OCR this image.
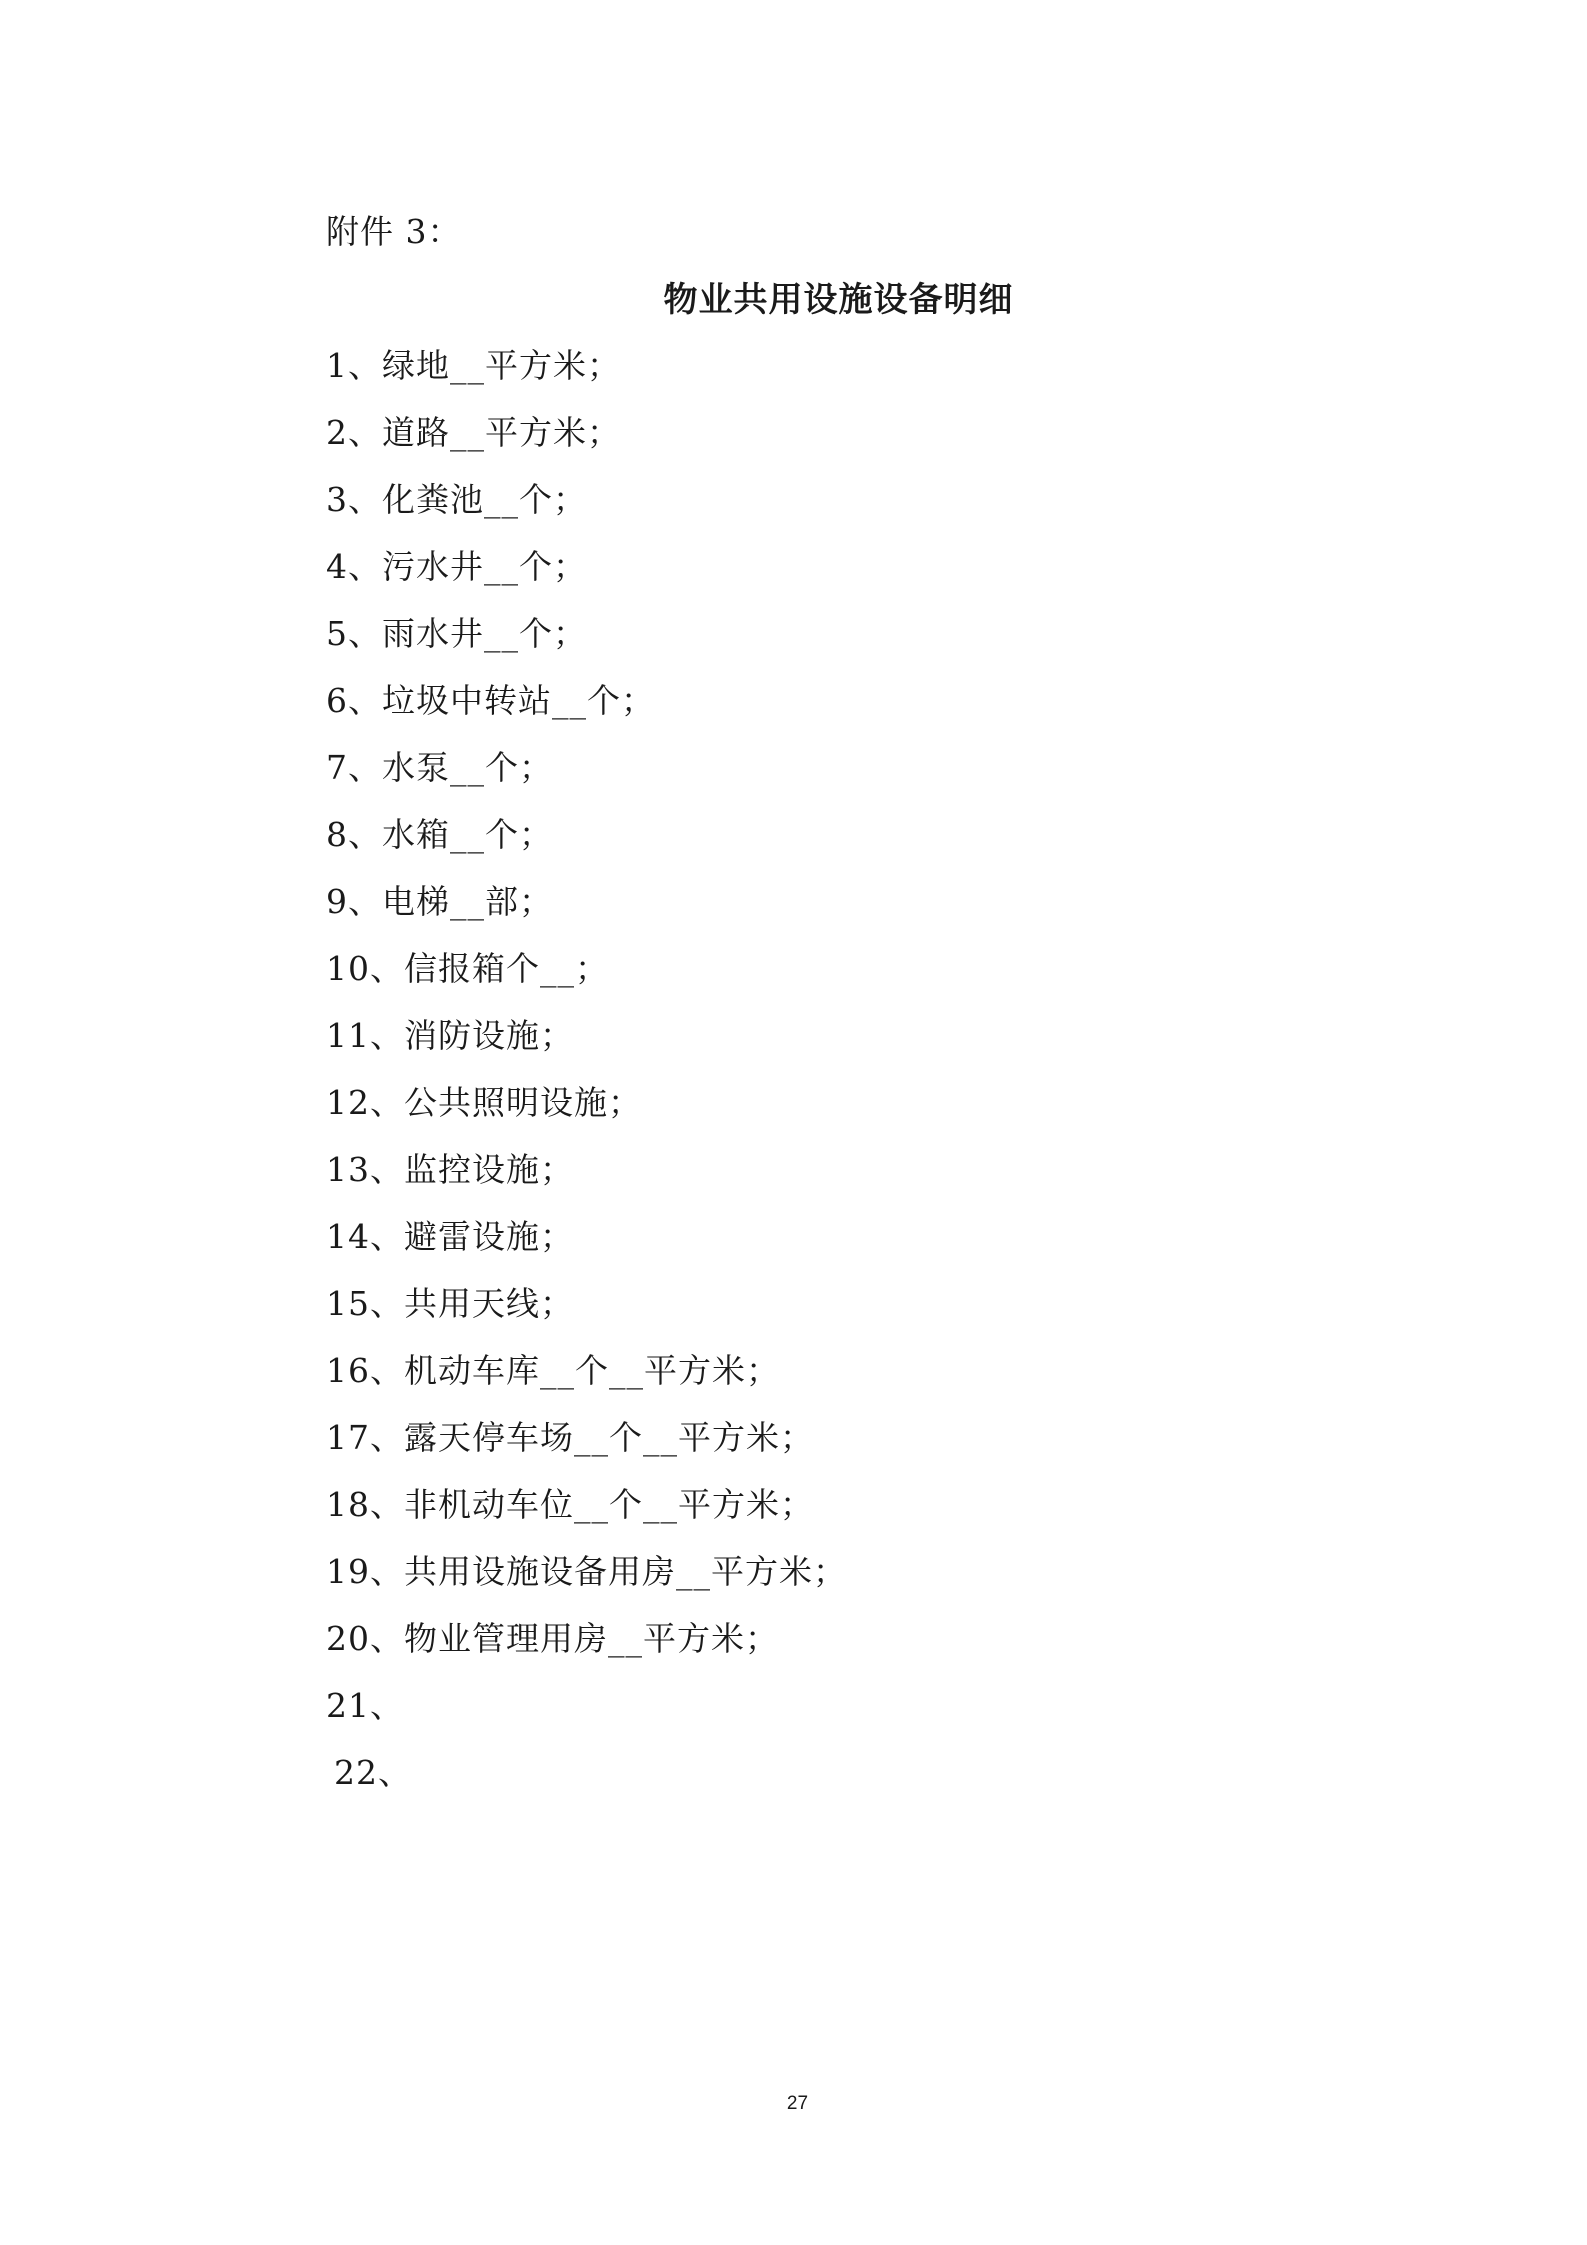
附件 3：
物业共用设施设备明细
1、绿地__平方米；
2、道路__平方米；
3、化粪池__个；
4、污水井__个；
5、雨水井__个；
6、垃圾中转站__个；
7、水泵__个；
8、水箱__个；
9、电梯__部；
10、信报箱个__；
11、消防设施；
12、公共照明设施；
13、监控设施；
14、避雷设施；
15、共用天线；
16、机动车库__个__平方米；
17、露天停车场__个__平方米；
18、非机动车位__个__平方米；
19、共用设施设备用房__平方米；
20、物业管理用房__平方米；
21、
22、
27
